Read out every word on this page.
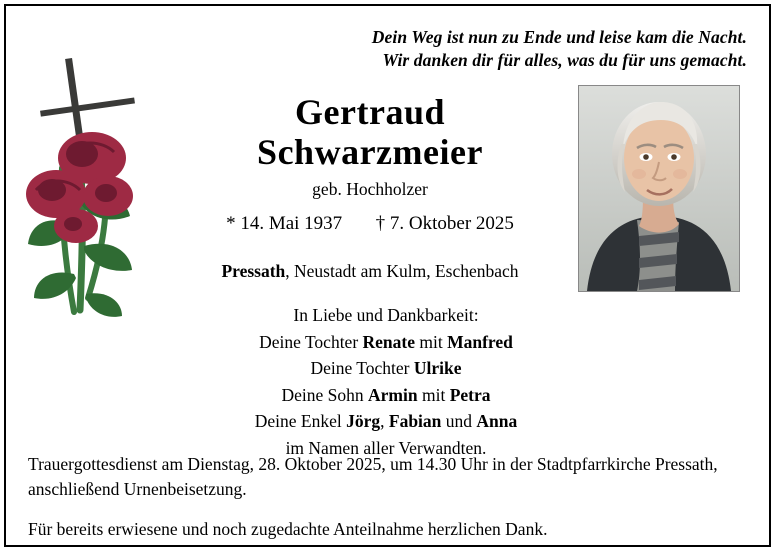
Dein Weg ist nun zu Ende und leise kam die Nacht.
Wir danken dir für alles, was du für uns gemacht.
Gertraud
Schwarzmeier
geb. Hochholzer
* 14. Mai 1937 † 7. Oktober 2025
Pressath, Neustadt am Kulm, Eschenbach
In Liebe und Dankbarkeit:
Deine Tochter Renate mit Manfred
Deine Tochter Ulrike
Deine Sohn Armin mit Petra
Deine Enkel Jörg, Fabian und Anna
im Namen aller Verwandten.
Trauergottesdienst am Dienstag, 28. Oktober 2025, um 14.30 Uhr in der Stadtpfarrkirche Pressath, anschließend Urnenbeisetzung.
Für bereits erwiesene und noch zugedachte Anteilnahme herzlichen Dank.
